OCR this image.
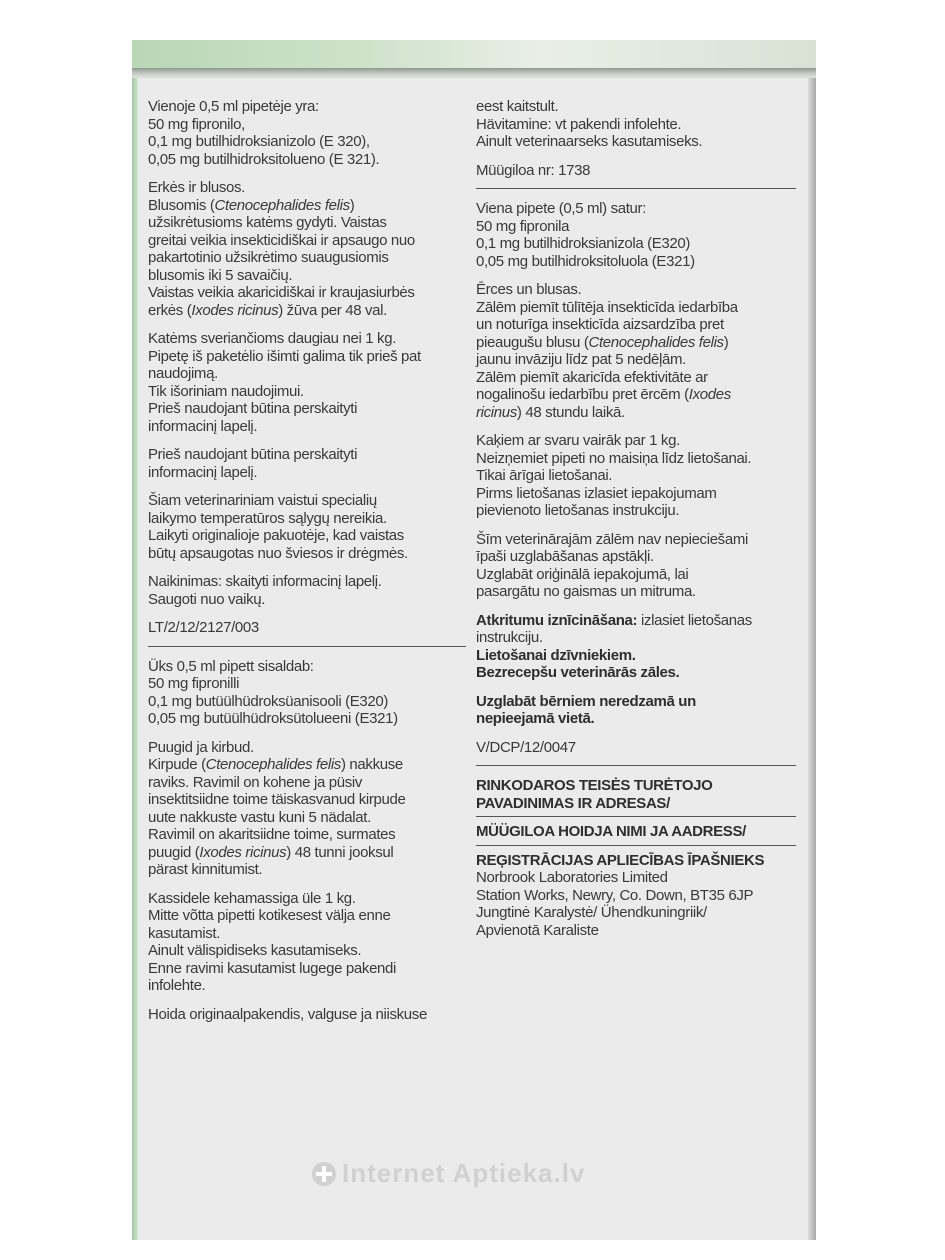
Vienoje 0,5 ml pipetėje yra:
50 mg fipronilo,
0,1 mg butilhidroksianizolo (E 320),
0,05 mg butilhidroksitolueno (E 321).

Erkės ir blusos.

Blusomis (Ctenocephalides felis)
užsikrėtusioms katėms gydyti. Vaistas
greitai veikia insekticidiškai ir apsaugo nuo
pakartotinio užsikrėtimo suaugusiomis
blusomis iki 5 savaičių.
Vaistas veikia akaricidiškai ir kraujasiurbės
erkės (Ixodes ricinus) žūva per 48 val.

Katėms sveriančioms daugiau nei 1 kg.
Pipetę iš paketėlio išimti galima tik prieš pat
naudojimą.
Tik išoriniam naudojimui.
Prieš naudojant būtina perskaityti
informacinį lapelį.

Prieš naudojant būtina perskaityti
informacinį lapelį.

Šiam veterinariniam vaistui specialių
laikymo temperatūros sąlygų nereikia.
Laikyti originalioje pakuotėje, kad vaistas
būtų apsaugotas nuo šviesos ir drėgmės.

Naikinimas: skaityti informacinį lapelį.
Saugoti nuo vaikų.

LT/2/12/2127/003

Üks 0,5 ml pipett sisaldab:
50 mg fipronilli
0,1 mg butüülhüdroksüanisooli (E320)
0,05 mg butüülhüdroksütolueeni (E321)

Puugid ja kirbud.
Kirpude (Ctenocephalides felis) nakkuse
raviks. Ravimil on kohene ja püsiv
insektitsiidne toime täiskasvanud kirpude
uute nakkuste vastu kuni 5 nädalat.
Ravimil on akaritsiidne toime, surmates
puugid (Ixodes ricinus) 48 tunni jooksul
pärast kinnitumist.

Kassidele kehamassiga üle 1 kg.
Mitte võtta pipetti kotikesest välja enne
kasutamist.
Ainult välispidiseks kasutamiseks.
Enne ravimi kasutamist lugege pakendi
infolehte.

Hoida originaalpakendis, valguse ja niiskuse

eest kaitstult.
Hävitamine: vt pakendi infolehte.
Ainult veterinaarseks kasutamiseks.

Müügiloa nr: 1738

Viena pipete (0,5 ml) satur:
50 mg fipronila
0,1 mg butilhidroksianizola (E320)
0,05 mg butilhidroksitoluola (E321)

Ērces un blusas.
Zālēm piemīt tūlītēja insekticīda iedarbība
un noturīga insekticīda aizsardzība pret
pieaugušu blusu (Ctenocephalides felis)
jaunu invāziju līdz pat 5 nedēļām.
Zālēm piemīt akaricīda efektivitāte ar
nogalinošu iedarbību pret ērcēm (Ixodes
ricinus) 48 stundu laikā.

Kaķiem ar svaru vairāk par 1 kg.
Neizņemiet pipeti no maisiņa līdz lietošanai.
Tikai ārīgai lietošanai.
Pirms lietošanas izlasiet iepakojumam
pievienoto lietošanas instrukciju.

Šīm veterinārajām zālēm nav nepieciešami
īpaši uzglabāšanas apstākļi.
Uzglabāt oriģinālā iepakojumā, lai
pasargātu no gaismas un mitruma.

Atkritumu iznīcināšana: izlasiet lietošanas
instrukciju.

Lietošanai dzīvniekiem.
Bezrecepšu veterinārās zāles.

Uzglabāt bērniem neredzamā un
nepieejamā vietā.

V/DCP/12/0047

RINKODAROS TEISĖS TURĖTOJO
PAVADINIMAS IR ADRESAS/

MÜÜGILOA HOIDJA NIMI JA AADRESS/

REĢISTRĀCIJAS APLIECĪBAS ĪPAŠNIEKS

Norbrook Laboratories Limited
Station Works, Newry, Co. Down, BT35 6JP
Jungtinė Karalystė/ Ühendkuningriik/
Apvienotā Karaliste

Internet Aptieka.lv
